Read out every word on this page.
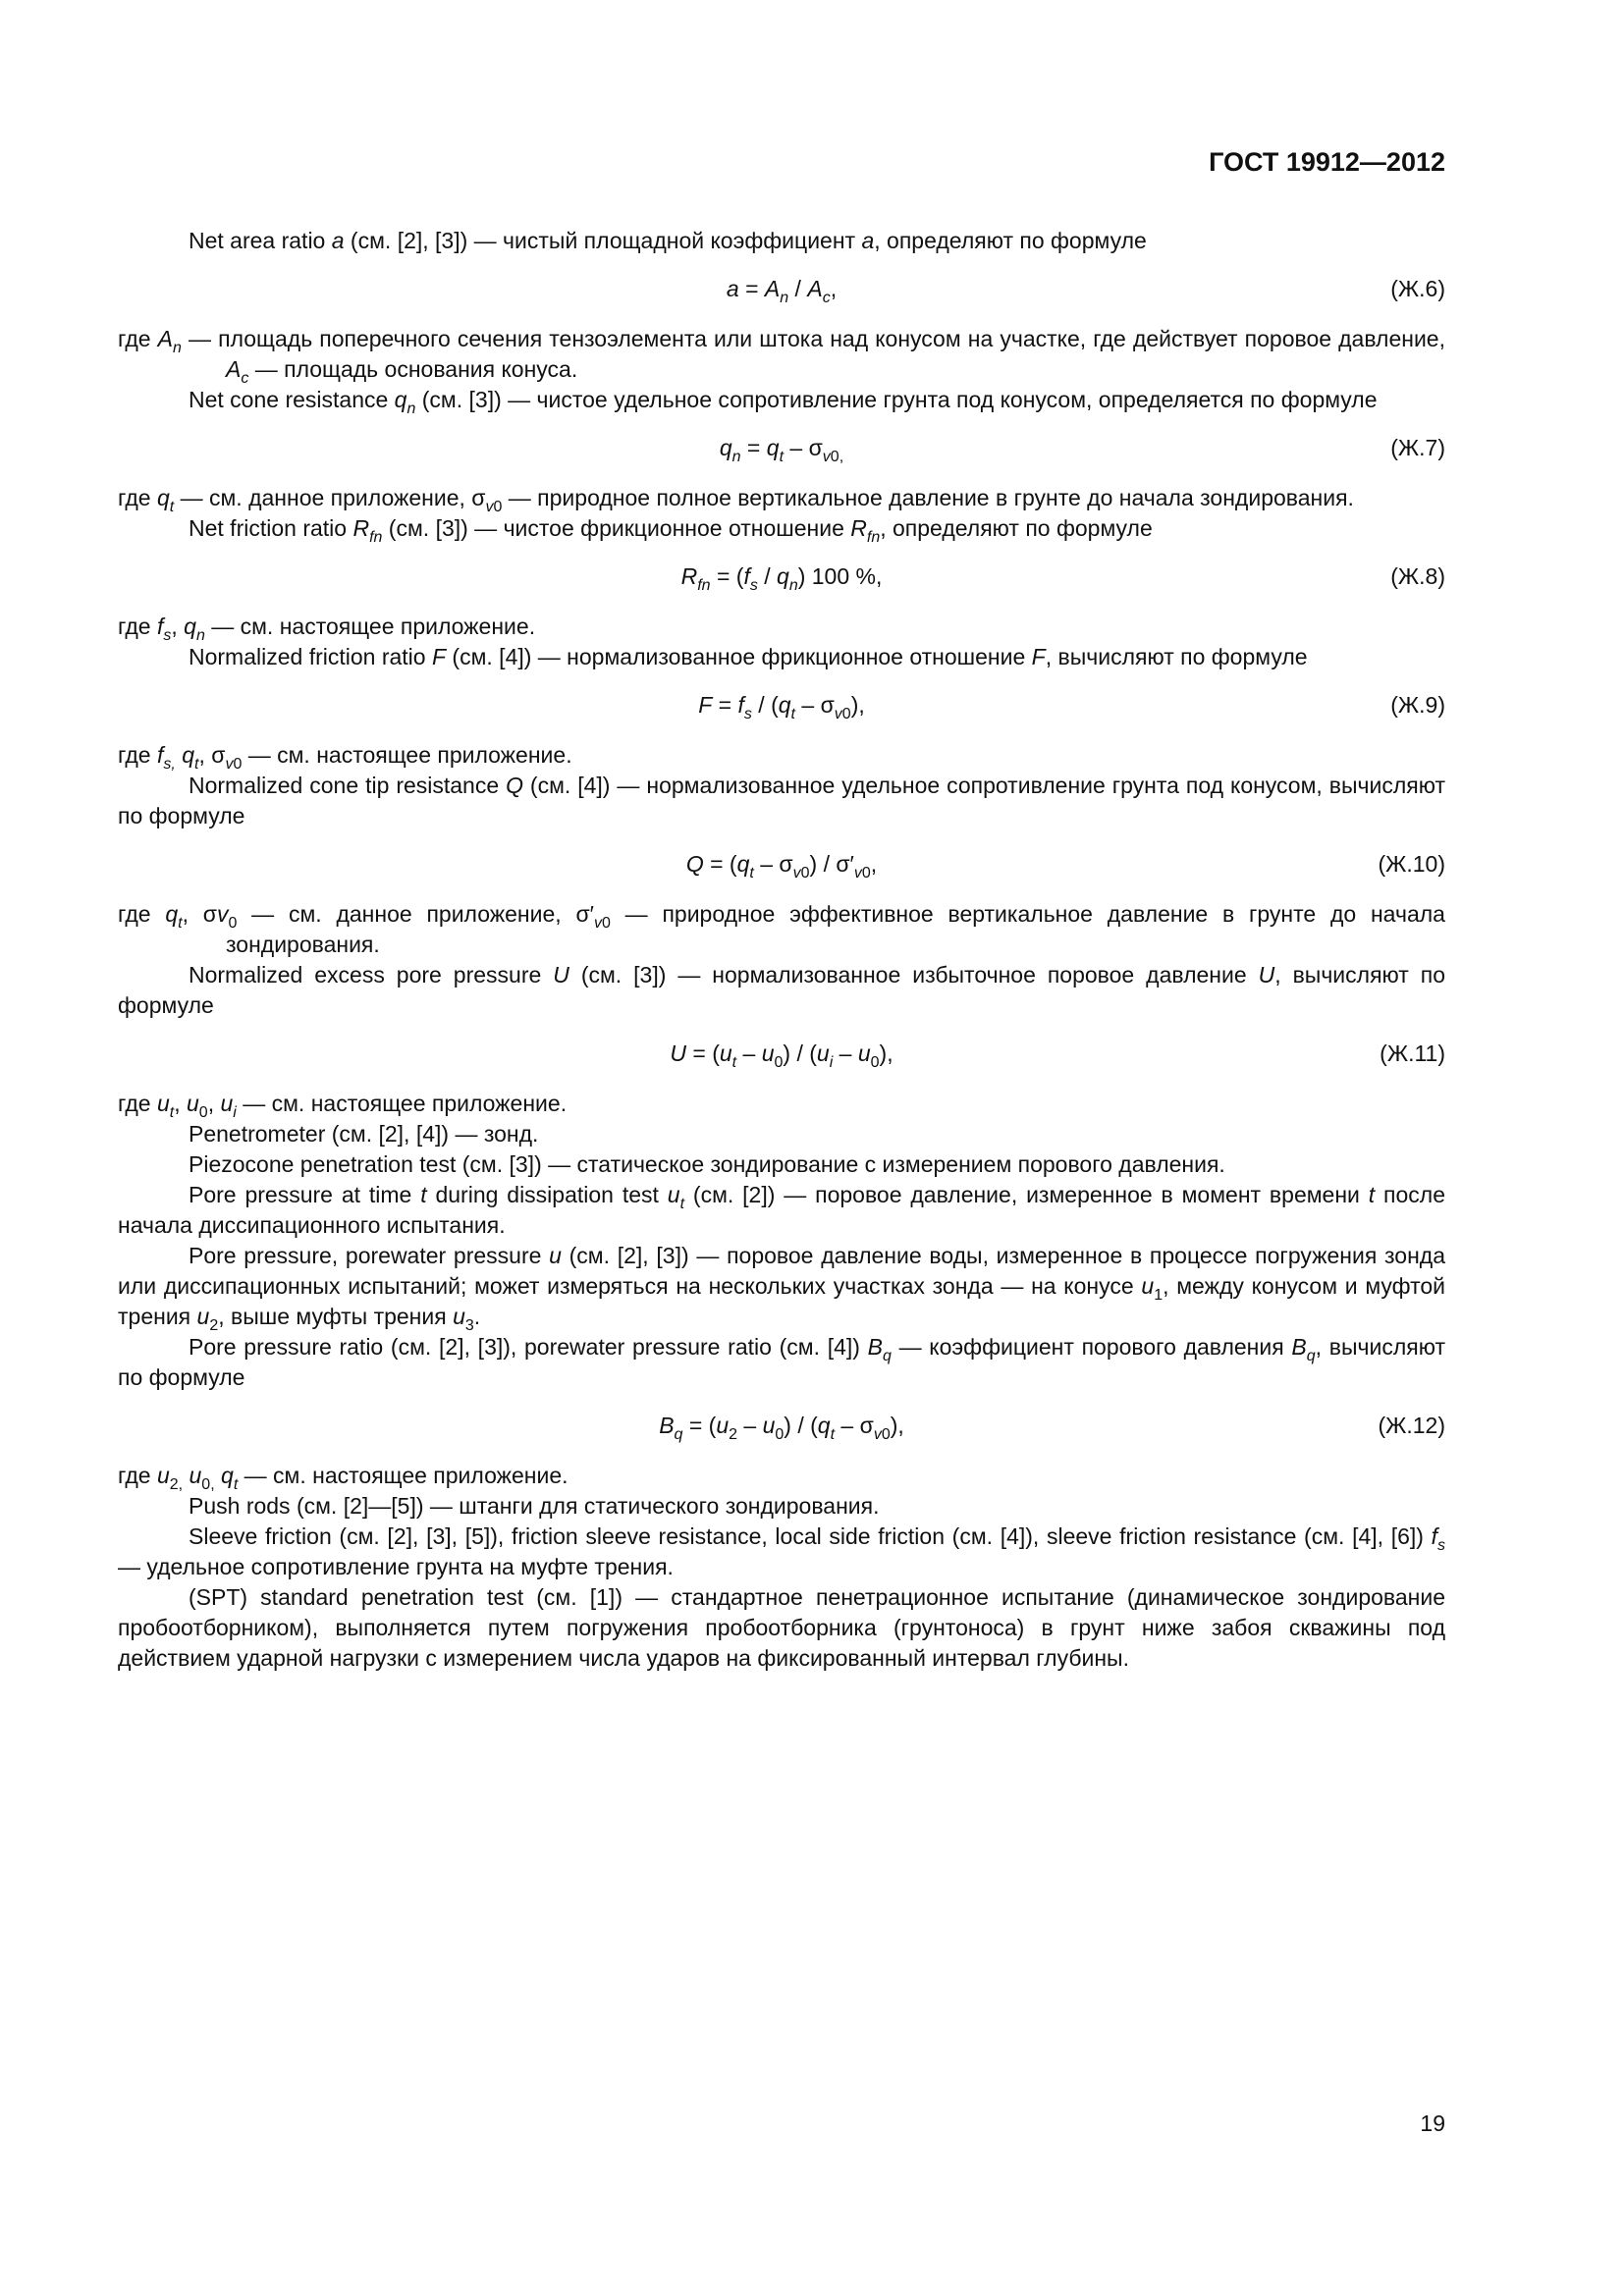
ГОСТ 19912—2012

Net area ratio a (см. [2], [3]) — чистый площадной коэффициент a, определяют по формуле

$a = A_n / A_c$,	(Ж.6)

где $A_n$ — площадь поперечного сечения тензоэлемента или штока над конусом на участке, где действует поровое давление, $A_c$ — площадь основания конуса.

Net cone resistance $q_n$ (см. [3]) — чистое удельное сопротивление грунта под конусом, определяется по формуле

$q_n = q_t - \sigma_{v0,}$	(Ж.7)

где $q_t$ — см. данное приложение, $\sigma_{v0}$ — природное полное вертикальное давление в грунте до начала зондирования.

Net friction ratio $R_{fn}$ (см. [3]) — чистое фрикционное отношение $R_{fn}$, определяют по формуле

$R_{fn} = (f_s / q_n)$ 100 %,	(Ж.8)

где $f_s$, $q_n$ — см. настоящее приложение.

Normalized friction ratio F (см. [4]) — нормализованное фрикционное отношение F, вычисляют по формуле

$F = f_s / (q_t - \sigma_{v0})$,	(Ж.9)

где $f_{s,}$ $q_t$, $\sigma_{v0}$ — см. настоящее приложение.

Normalized cone tip resistance Q (см. [4]) — нормализованное удельное сопротивление грунта под конусом, вычисляют по формуле

$Q = (q_t - \sigma_{v0}) / \sigma'_{v0}$,	(Ж.10)

где $q_t$, $\sigma v_0$ — см. данное приложение, $\sigma'_{v0}$ — природное эффективное вертикальное давление в грунте до начала зондирования.

Normalized excess pore pressure U (см. [3]) — нормализованное избыточное поровое давление U, вычисляют по формуле

$U = (u_t - u_0) / (u_i - u_0)$,	(Ж.11)

где $u_t$, $u_0$, $u_i$ — см. настоящее приложение.

Penetrometer (см. [2], [4]) — зонд.

Piezocone penetration test (см. [3]) — статическое зондирование с измерением порового давления.

Pore pressure at time t during dissipation test $u_t$ (см. [2]) — поровое давление, измеренное в момент времени t после начала диссипационного испытания.

Pore pressure, porewater pressure u (см. [2], [3]) — поровое давление воды, измеренное в процессе погружения зонда или диссипационных испытаний; может измеряться на нескольких участках зонда — на конусе $u_1$, между конусом и муфтой трения $u_2$, выше муфты трения $u_3$.

Pore pressure ratio (см. [2], [3]), porewater pressure ratio (см. [4]) $B_q$ — коэффициент порового давления $B_q$, вычисляют по формуле

$B_q = (u_2 - u_0) / (q_t - \sigma_{v0})$,	(Ж.12)

где $u_{2,}$ $u_{0,}$ $q_t$ — см. настоящее приложение.

Push rods (см. [2]—[5]) — штанги для статического зондирования.

Sleeve friction (см. [2], [3], [5]), friction sleeve resistance, local side friction (см. [4]), sleeve friction resistance (см. [4], [6]) $f_s$ — удельное сопротивление грунта на муфте трения.

(SPT) standard penetration test (см. [1]) — стандартное пенетрационное испытание (динамическое зондирование пробоотборником), выполняется путем погружения пробоотборника (грунтоноса) в грунт ниже забоя скважины под действием ударной нагрузки с измерением числа ударов на фиксированный интервал глубины.

19
